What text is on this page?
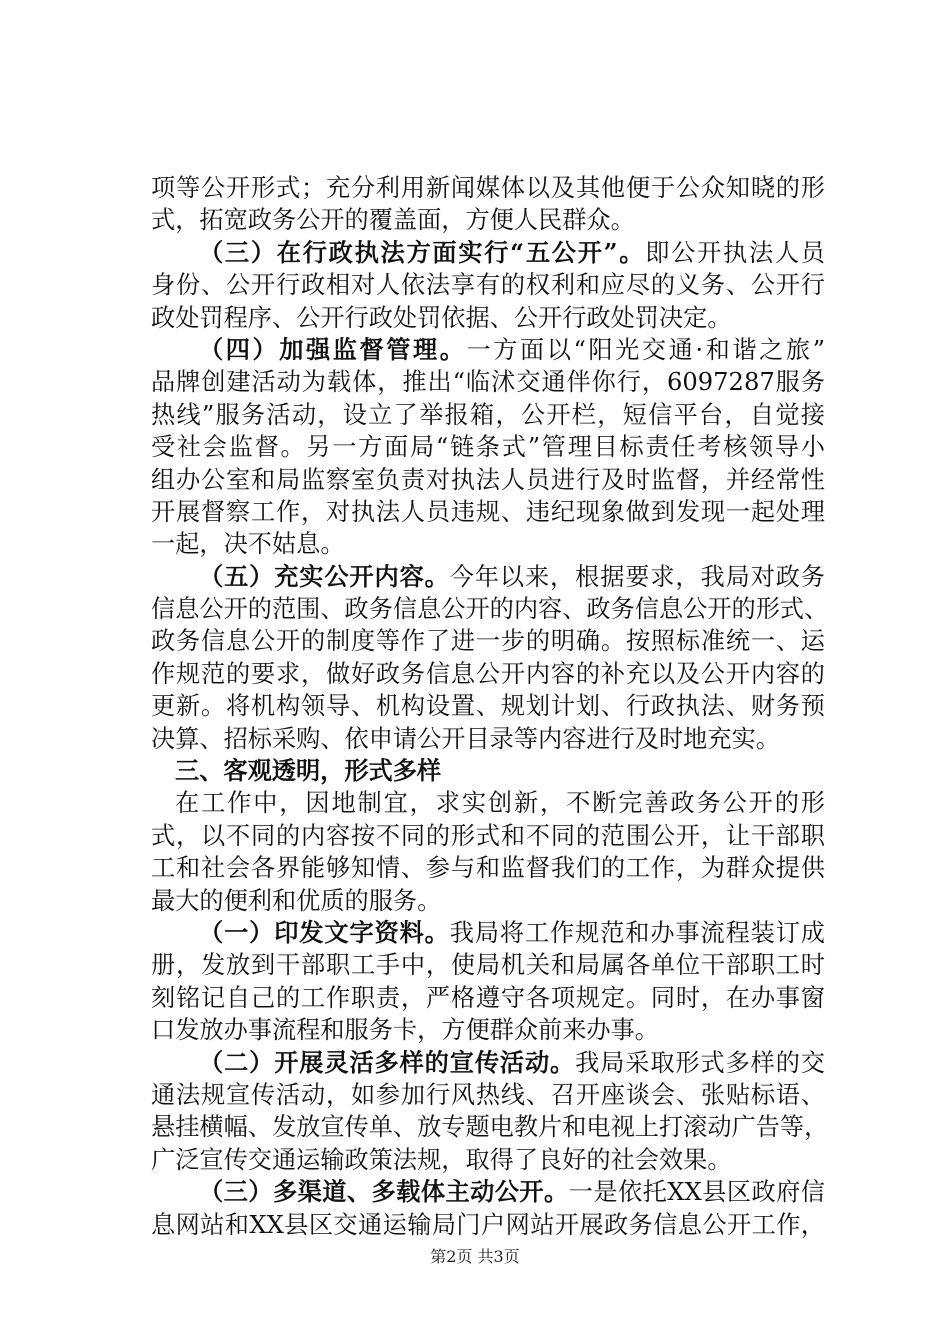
项等公开形式；充分利用新闻媒体以及其他便于公众知晓的形
式，拓宽政务公开的覆盖面，方便人民群众。
（三）在行政执法方面实行“五公开”。即公开执法人员
身份、公开行政相对人依法享有的权利和应尽的义务、公开行
政处罚程序、公开行政处罚依据、公开行政处罚决定。
（四）加强监督管理。一方面以“阳光交通·和谐之旅”
品牌创建活动为载体，推出“临沭交通伴你行，6097287服务
热线”服务活动，设立了举报箱，公开栏，短信平台，自觉接
受社会监督。另一方面局“链条式”管理目标责任考核领导小
组办公室和局监察室负责对执法人员进行及时监督，并经常性
开展督察工作，对执法人员违规、违纪现象做到发现一起处理
一起，决不姑息。
（五）充实公开内容。今年以来，根据要求，我局对政务
信息公开的范围、政务信息公开的内容、政务信息公开的形式、
政务信息公开的制度等作了进一步的明确。按照标准统一、运
作规范的要求，做好政务信息公开内容的补充以及公开内容的
更新。将机构领导、机构设置、规划计划、行政执法、财务预
决算、招标采购、依申请公开目录等内容进行及时地充实。
三、客观透明，形式多样
在工作中，因地制宜，求实创新，不断完善政务公开的形
式，以不同的内容按不同的形式和不同的范围公开，让干部职
工和社会各界能够知情、参与和监督我们的工作，为群众提供
最大的便利和优质的服务。
（一）印发文字资料。我局将工作规范和办事流程装订成
册，发放到干部职工手中，使局机关和局属各单位干部职工时
刻铭记自己的工作职责，严格遵守各项规定。同时，在办事窗
口发放办事流程和服务卡，方便群众前来办事。
（二）开展灵活多样的宣传活动。我局采取形式多样的交
通法规宣传活动，如参加行风热线、召开座谈会、张贴标语、
悬挂横幅、发放宣传单、放专题电教片和电视上打滚动广告等，
广泛宣传交通运输政策法规，取得了良好的社会效果。
（三）多渠道、多载体主动公开。一是依托XX县区政府信
息网站和XX县区交通运输局门户网站开展政务信息公开工作，
第2页 共3页
